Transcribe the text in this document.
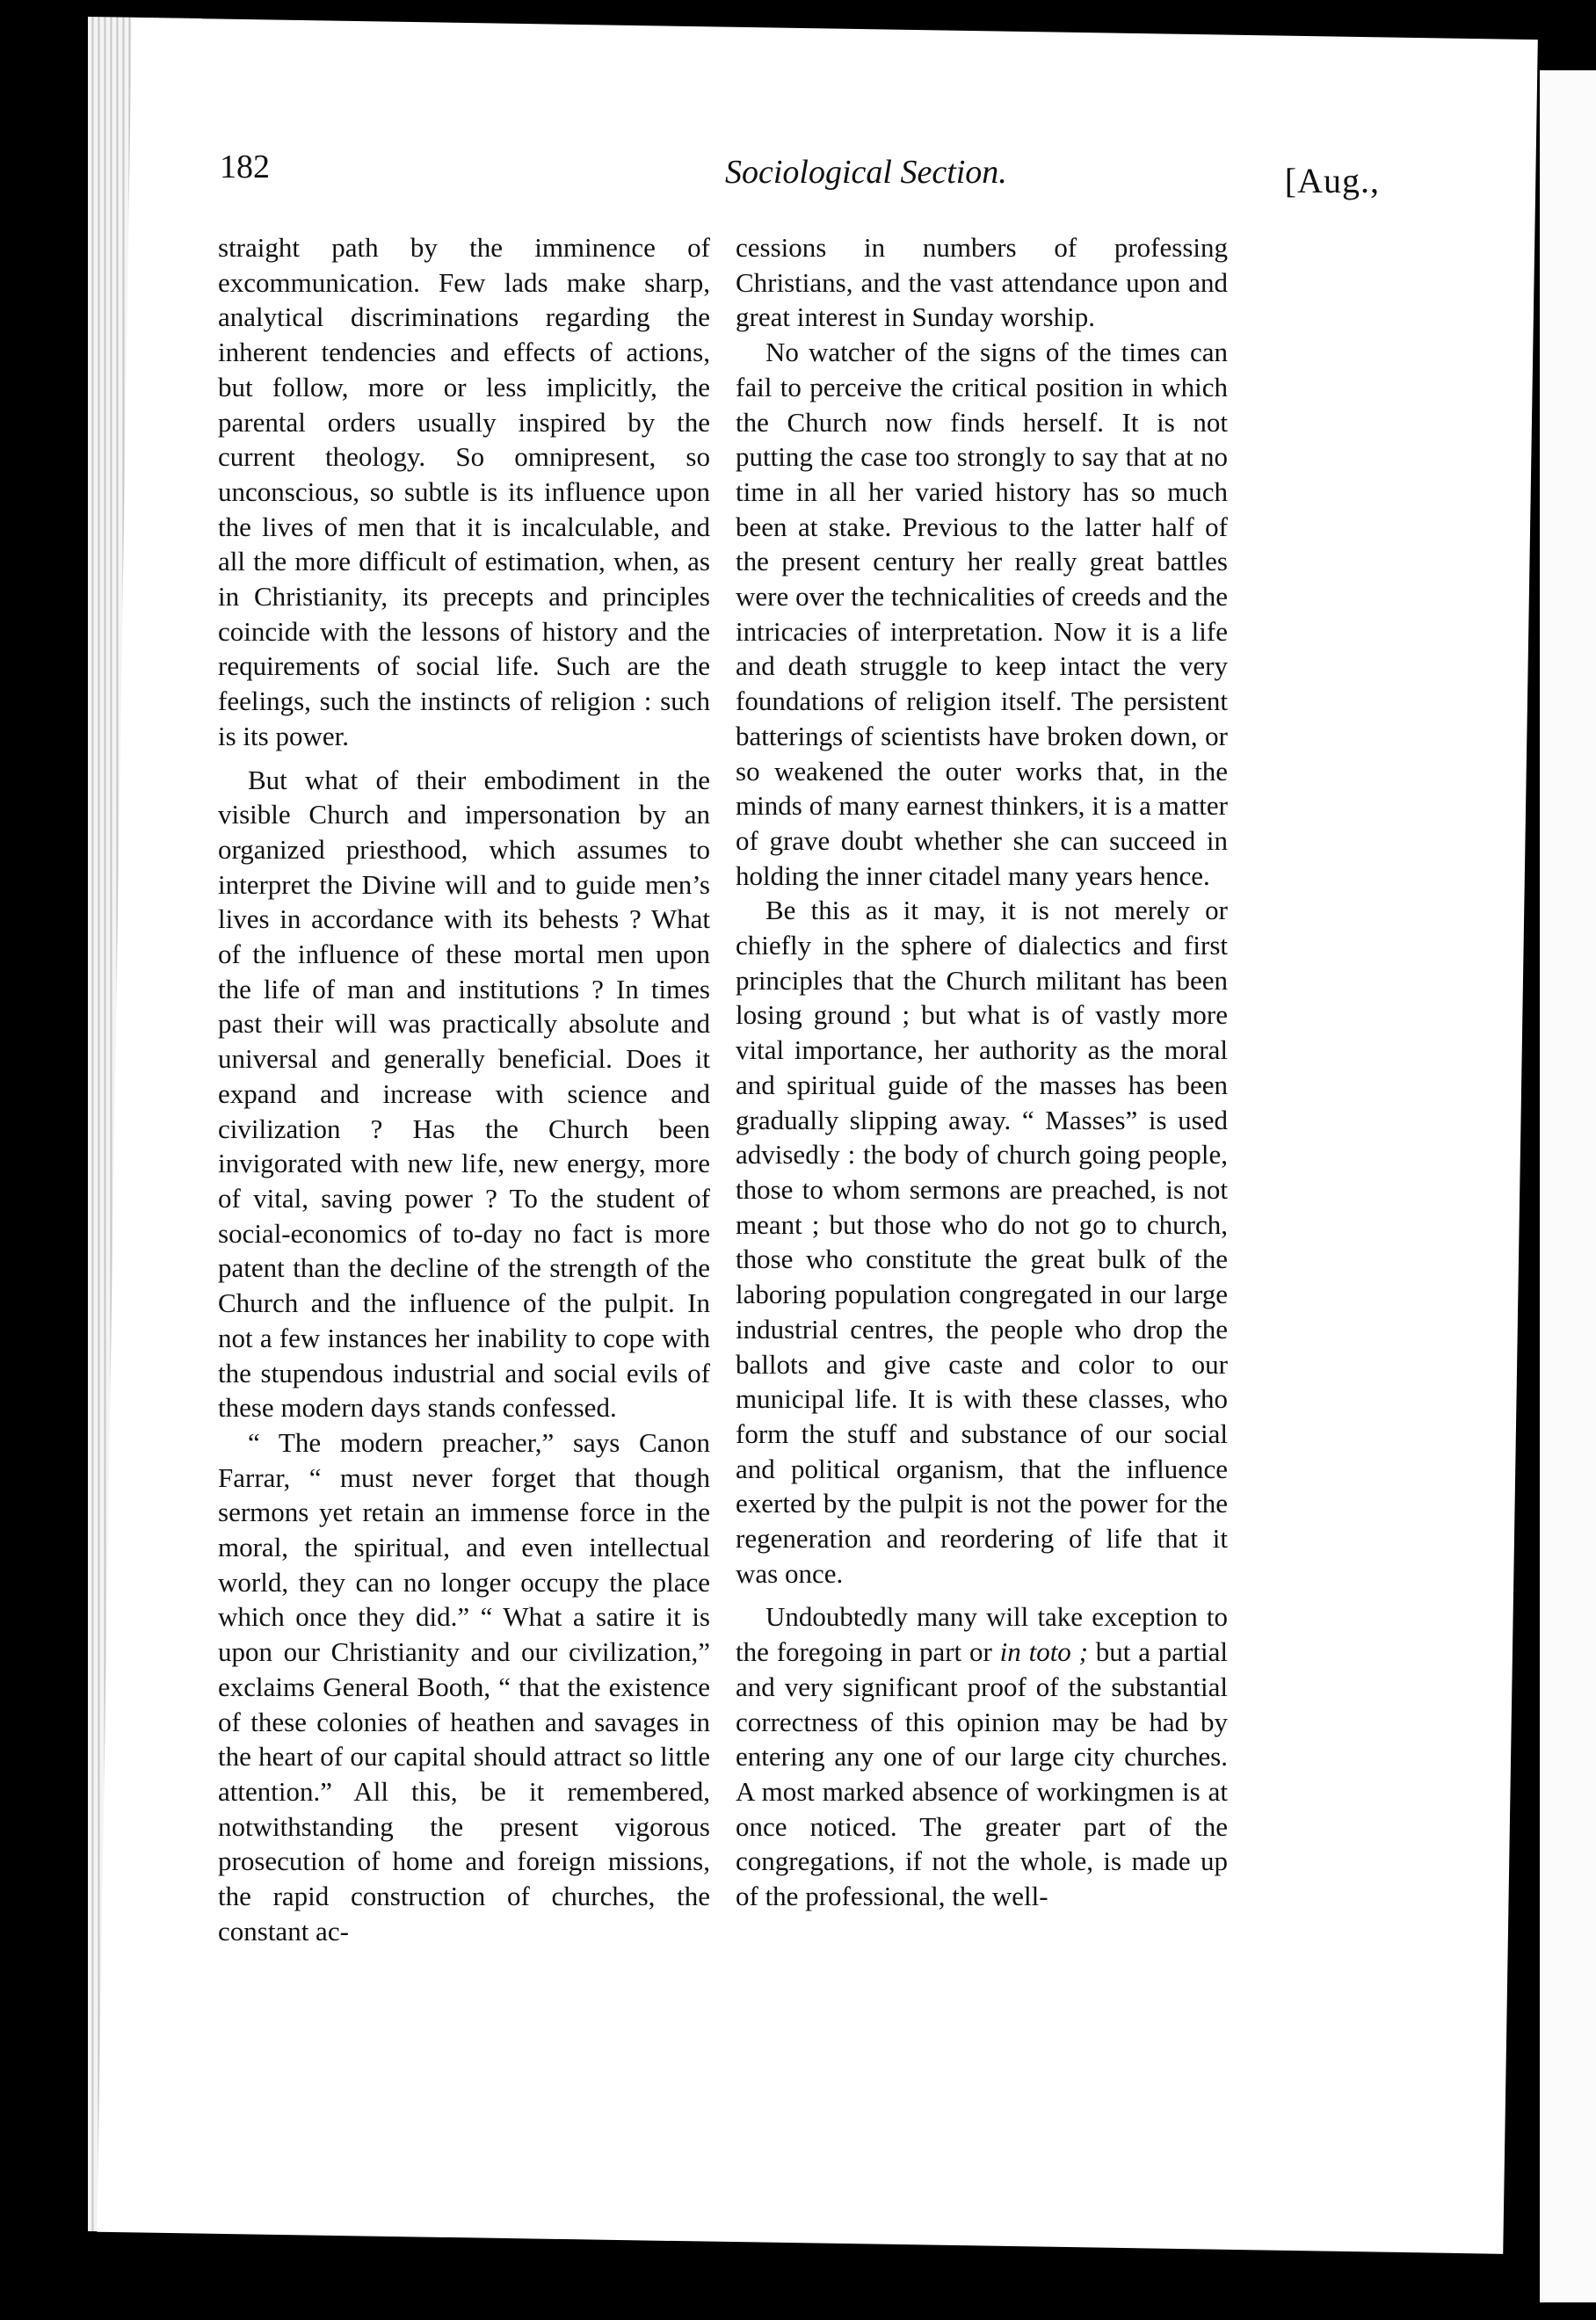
182	Sociological Section.	[Aug.,

straight path by the imminence of excommunication. Few lads make sharp, analytical discriminations regarding the inherent tendencies and effects of actions, but follow, more or less implicitly, the parental orders usually inspired by the current theology. So omnipresent, so unconscious, so subtle is its influence upon the lives of men that it is incalculable, and all the more difficult of estimation, when, as in Christianity, its precepts and principles coincide with the lessons of history and the requirements of social life. Such are the feelings, such the instincts of religion : such is its power.

But what of their embodiment in the visible Church and impersonation by an organized priesthood, which assumes to interpret the Divine will and to guide men’s lives in accordance with its behests ? What of the influence of these mortal men upon the life of man and institutions ? In times past their will was practically absolute and universal and generally beneficial. Does it expand and increase with science and civilization ? Has the Church been invigorated with new life, new energy, more of vital, saving power ? To the student of social-economics of to-day no fact is more patent than the decline of the strength of the Church and the influence of the pulpit. In not a few instances her inability to cope with the stupendous industrial and social evils of these modern days stands confessed.

“ The modern preacher,” says Canon Farrar, “ must never forget that though sermons yet retain an immense force in the moral, the spiritual, and even intellectual world, they can no longer occupy the place which once they did.” “ What a satire it is upon our Christianity and our civilization,” exclaims General Booth, “ that the existence of these colonies of heathen and savages in the heart of our capital should attract so little attention.” All this, be it remembered, notwithstanding the present vigorous prosecution of home and foreign missions, the rapid construction of churches, the constant ac-

cessions in numbers of professing Christians, and the vast attendance upon and great interest in Sunday worship.

No watcher of the signs of the times can fail to perceive the critical position in which the Church now finds herself. It is not putting the case too strongly to say that at no time in all her varied history has so much been at stake. Previous to the latter half of the present century her really great battles were over the technicalities of creeds and the intricacies of interpretation. Now it is a life and death struggle to keep intact the very foundations of religion itself. The persistent batterings of scientists have broken down, or so weakened the outer works that, in the minds of many earnest thinkers, it is a matter of grave doubt whether she can succeed in holding the inner citadel many years hence.

Be this as it may, it is not merely or chiefly in the sphere of dialectics and first principles that the Church militant has been losing ground ; but what is of vastly more vital importance, her authority as the moral and spiritual guide of the masses has been gradually slipping away. “ Masses” is used advisedly : the body of church going people, those to whom sermons are preached, is not meant ; but those who do not go to church, those who constitute the great bulk of the laboring population congregated in our large industrial centres, the people who drop the ballots and give caste and color to our municipal life. It is with these classes, who form the stuff and substance of our social and political organism, that the influence exerted by the pulpit is not the power for the regeneration and reordering of life that it was once.

Undoubtedly many will take exception to the foregoing in part or in toto ; but a partial and very significant proof of the substantial correctness of this opinion may be had by entering any one of our large city churches. A most marked absence of workingmen is at once noticed. The greater part of the congregations, if not the whole, is made up of the professional, the well-
